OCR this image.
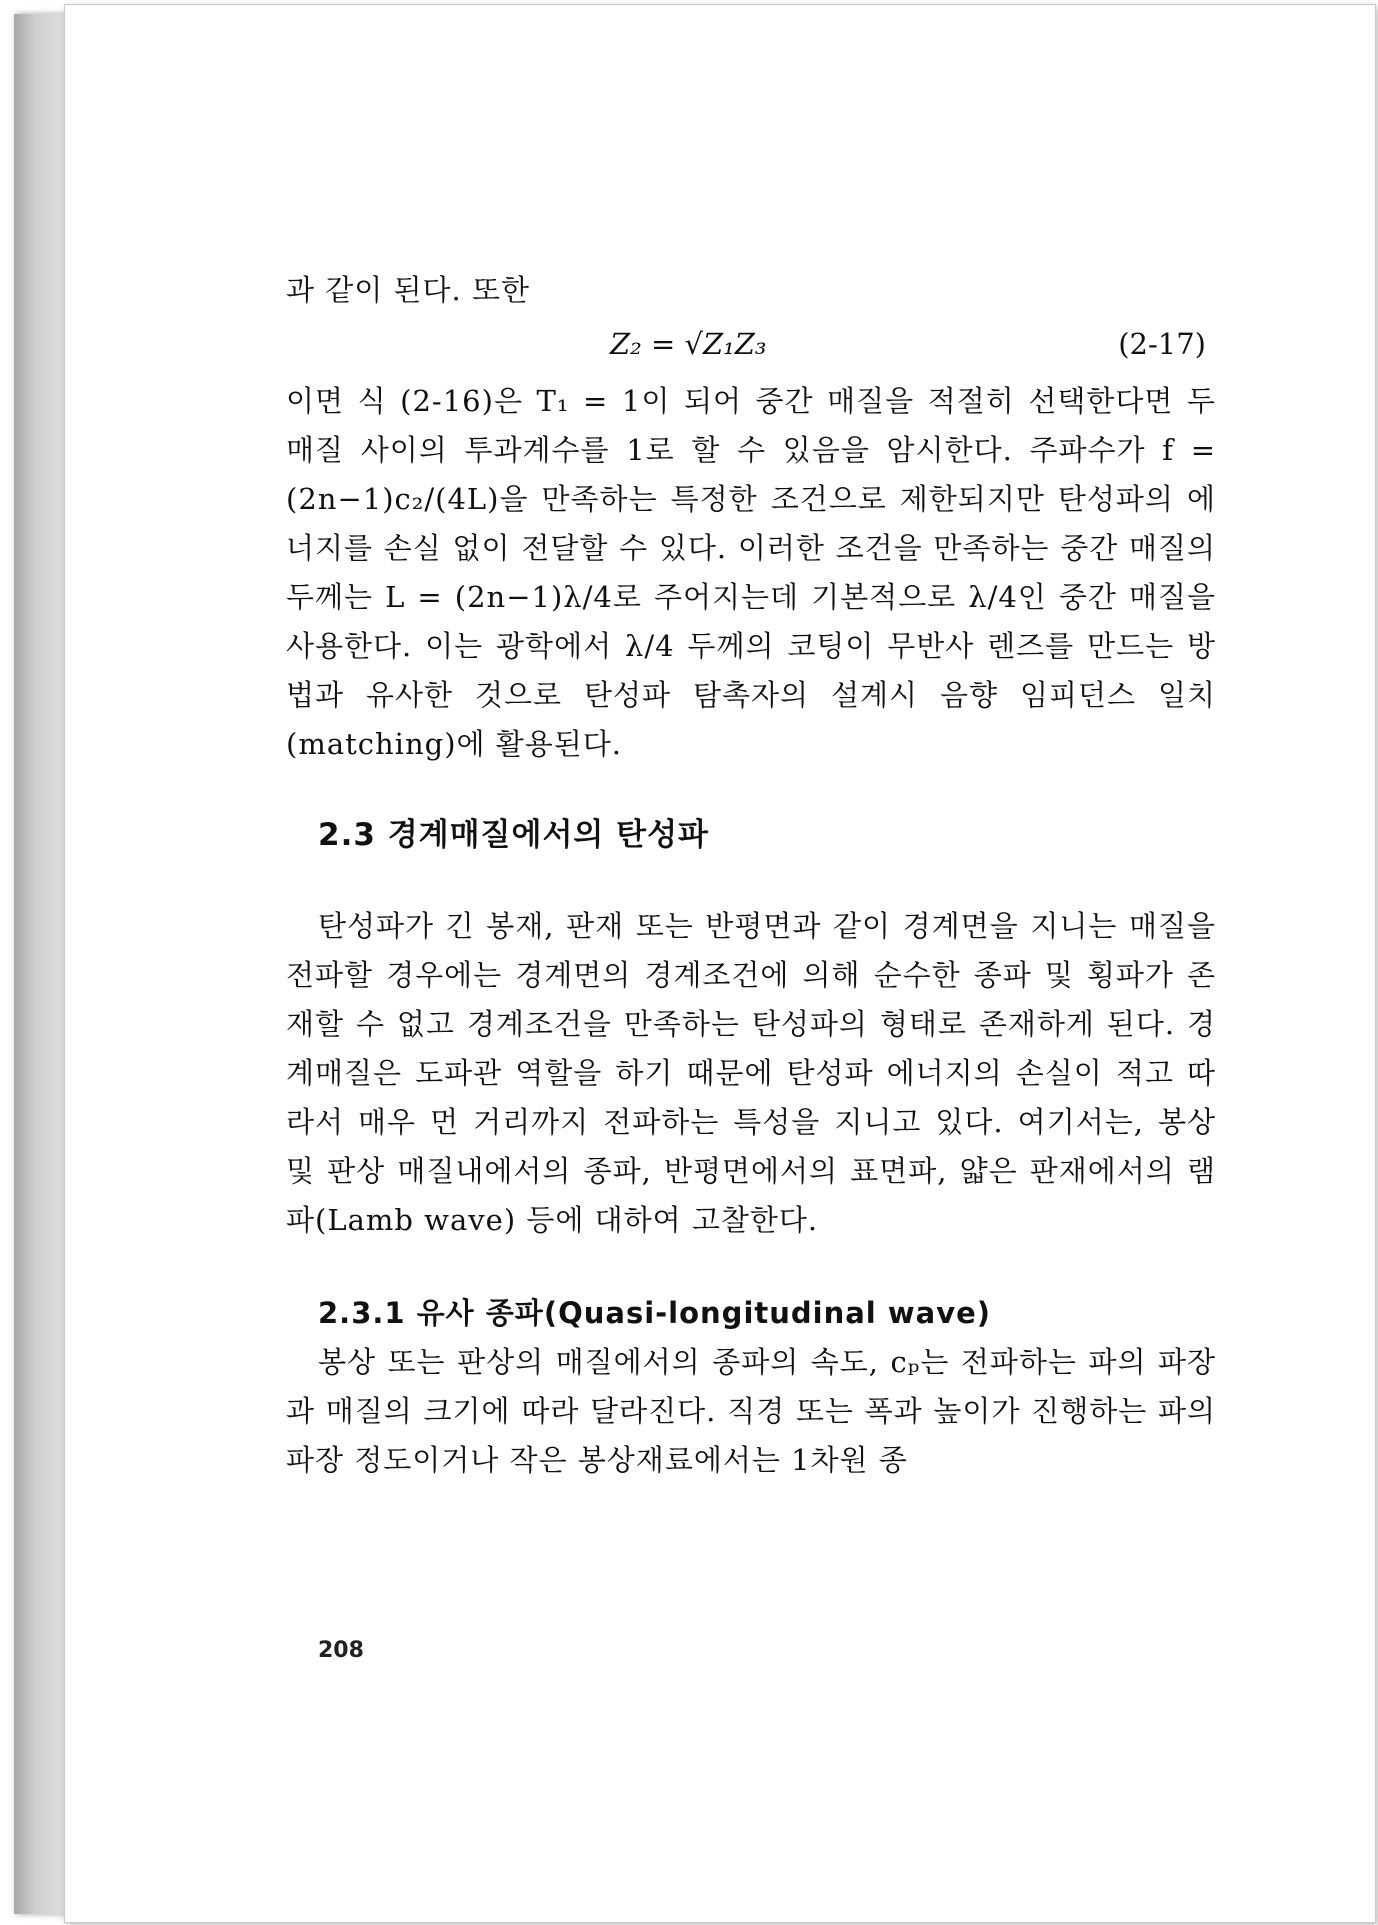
과 같이 된다. 또한

Z₂ = √Z₁Z₃	(2-17)

이면 식 (2-16)은 T₁ = 1이 되어 중간 매질을 적절히 선택한다면 두 매질 사이의 투과계수를 1로 할 수 있음을 암시한다. 주파수가 f = (2n−1)c₂/(4L)을 만족하는 특정한 조건으로 제한되지만 탄성파의 에너지를 손실 없이 전달할 수 있다. 이러한 조건을 만족하는 중간 매질의 두께는 L = (2n−1)λ/4로 주어지는데 기본적으로 λ/4인 중간 매질을 사용한다. 이는 광학에서 λ/4 두께의 코팅이 무반사 렌즈를 만드는 방법과 유사한 것으로 탄성파 탐촉자의 설계시 음향 임피던스 일치(matching)에 활용된다.

2.3 경계매질에서의 탄성파

탄성파가 긴 봉재, 판재 또는 반평면과 같이 경계면을 지니는 매질을 전파할 경우에는 경계면의 경계조건에 의해 순수한 종파 및 횡파가 존재할 수 없고 경계조건을 만족하는 탄성파의 형태로 존재하게 된다. 경계매질은 도파관 역할을 하기 때문에 탄성파 에너지의 손실이 적고 따라서 매우 먼 거리까지 전파하는 특성을 지니고 있다. 여기서는, 봉상 및 판상 매질내에서의 종파, 반평면에서의 표면파, 얇은 판재에서의 램파(Lamb wave) 등에 대하여 고찰한다.

2.3.1 유사 종파(Quasi-longitudinal wave)

봉상 또는 판상의 매질에서의 종파의 속도, cₚ는 전파하는 파의 파장과 매질의 크기에 따라 달라진다. 직경 또는 폭과 높이가 진행하는 파의 파장 정도이거나 작은 봉상재료에서는 1차원 종

208
